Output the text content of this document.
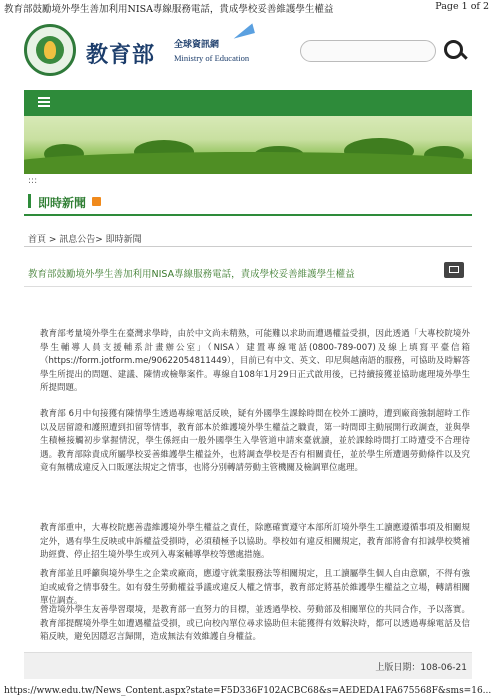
教育部鼓勵境外學生善加利用NISA專線服務電話，貴成學校妥善維護學生權益	Page 1 of 2
教育部 全球資訊網
Ministry of Education
:::
即時新聞
首頁 > 訊息公告> 即時新聞
教育部鼓勵境外學生善加利用NISA專線服務電話，責成學校妥善維護學生權益
教育部考量境外學生在臺灣求學時，由於中文尚未精熟，可能難以求助而遭遇權益受損，因此透過「大專校院境外學生輔導人員支援輔系計畫辦公室」（NISA）建置專線電話(0800-789-007)及線上填寫平臺信箱（https://form.jotform.me/90622054811449），目前已有中文、英文、印尼與越南語的服務，可協助及時解答學生所提出的問題、建議、陳情或檢舉案件。專線自108年1月29日正式啟用後，已持續接獲並協助處理境外學生所提問題。
教育部 6月中旬接獲有陳情學生透過專線電話反映，疑有外國學生課餘時間在校外工讀時，遭到廠商強制超時工作以及居留證和護照遭到扣留等情事，教育部本於維護境外學生權益之職責，第一時間即主動展開行政調查，並與學生積極接觸初步掌握情況，學生係經由一般外國學生入學管道申請來臺就讀，並於課餘時間打工時遭受不合理待遇。教育部除責成所屬學校妥善維護學生權益外，也將調查學校是否有相關責任，並於學生所遭遇勞動條件以及究竟有無構成違反入口販運法規定之情事，也將分別轉請勞動主管機關及檢調單位處理。
教育部重申，大專校院應善盡維護境外學生權益之責任，除應確實遵守本部所訂境外學生工讀應遵循事項及相關規定外，遇有學生反映或申訴權益受損時，必須積極予以協助。學校如有違反相關規定，教育部將會有扣減學校獎補助經費、停止招生境外學生或列入專案輔導學校等懲處措施。
教育部並且呼籲與境外學生之企業或廠商，應遵守就業服務法等相關規定，且工讀屬學生個人自由意願，不得有強迫或威脅之情事發生。如有發生勞動權益爭議或違反人權之情事，教育部定將基於維護學生權益之立場，轉請相關單位調查。
營造境外學生友善學習環境，是教育部一直努力的目標，並透過學校、勞動部及相關單位的共同合作，予以落實。教育部提醒境外學生如遭遇權益受損，或已向校內單位尋求協助但未能獲得有效解決時，都可以透過專線電話及信箱反映，避免因隱忍言歸開，造成無法有效維護自身權益。
上版日期：108-06-21
https://www.edu.tw/News_Content.aspx?state=F5D336F102ACBC68&s=AEDEDA1FA675568F&sms=16...
